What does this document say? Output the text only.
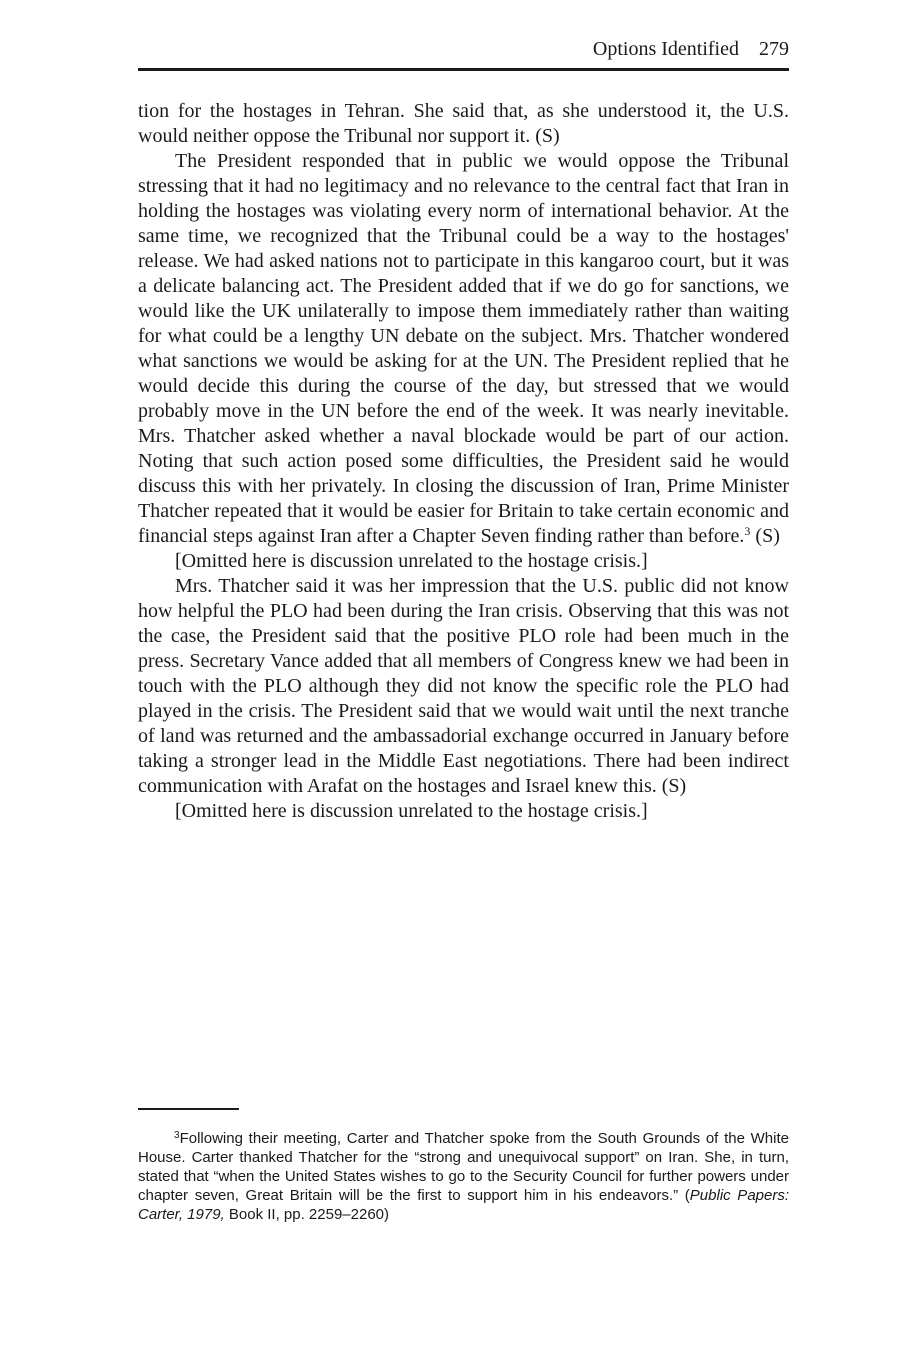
Options Identified 279

tion for the hostages in Tehran. She said that, as she understood it, the U.S. would neither oppose the Tribunal nor support it. (S)

The President responded that in public we would oppose the Tribunal stressing that it had no legitimacy and no relevance to the central fact that Iran in holding the hostages was violating every norm of international behavior. At the same time, we recognized that the Tribunal could be a way to the hostages' release. We had asked nations not to participate in this kangaroo court, but it was a delicate balancing act. The President added that if we do go for sanctions, we would like the UK unilaterally to impose them immediately rather than waiting for what could be a lengthy UN debate on the subject. Mrs. Thatcher wondered what sanctions we would be asking for at the UN. The President replied that he would decide this during the course of the day, but stressed that we would probably move in the UN before the end of the week. It was nearly inevitable. Mrs. Thatcher asked whether a naval blockade would be part of our action. Noting that such action posed some difficulties, the President said he would discuss this with her privately. In closing the discussion of Iran, Prime Minister Thatcher repeated that it would be easier for Britain to take certain economic and financial steps against Iran after a Chapter Seven finding rather than before.$^3$ (S)

[Omitted here is discussion unrelated to the hostage crisis.]

Mrs. Thatcher said it was her impression that the U.S. public did not know how helpful the PLO had been during the Iran crisis. Observing that this was not the case, the President said that the positive PLO role had been much in the press. Secretary Vance added that all members of Congress knew we had been in touch with the PLO although they did not know the specific role the PLO had played in the crisis. The President said that we would wait until the next tranche of land was returned and the ambassadorial exchange occurred in January before taking a stronger lead in the Middle East negotiations. There had been indirect communication with Arafat on the hostages and Israel knew this. (S)

[Omitted here is discussion unrelated to the hostage crisis.]

$^3$Following their meeting, Carter and Thatcher spoke from the South Grounds of the White House. Carter thanked Thatcher for the “strong and unequivocal support” on Iran. She, in turn, stated that “when the United States wishes to go to the Security Council for further powers under chapter seven, Great Britain will be the first to support him in his endeavors.” (Public Papers: Carter, 1979, Book II, pp. 2259–2260)
